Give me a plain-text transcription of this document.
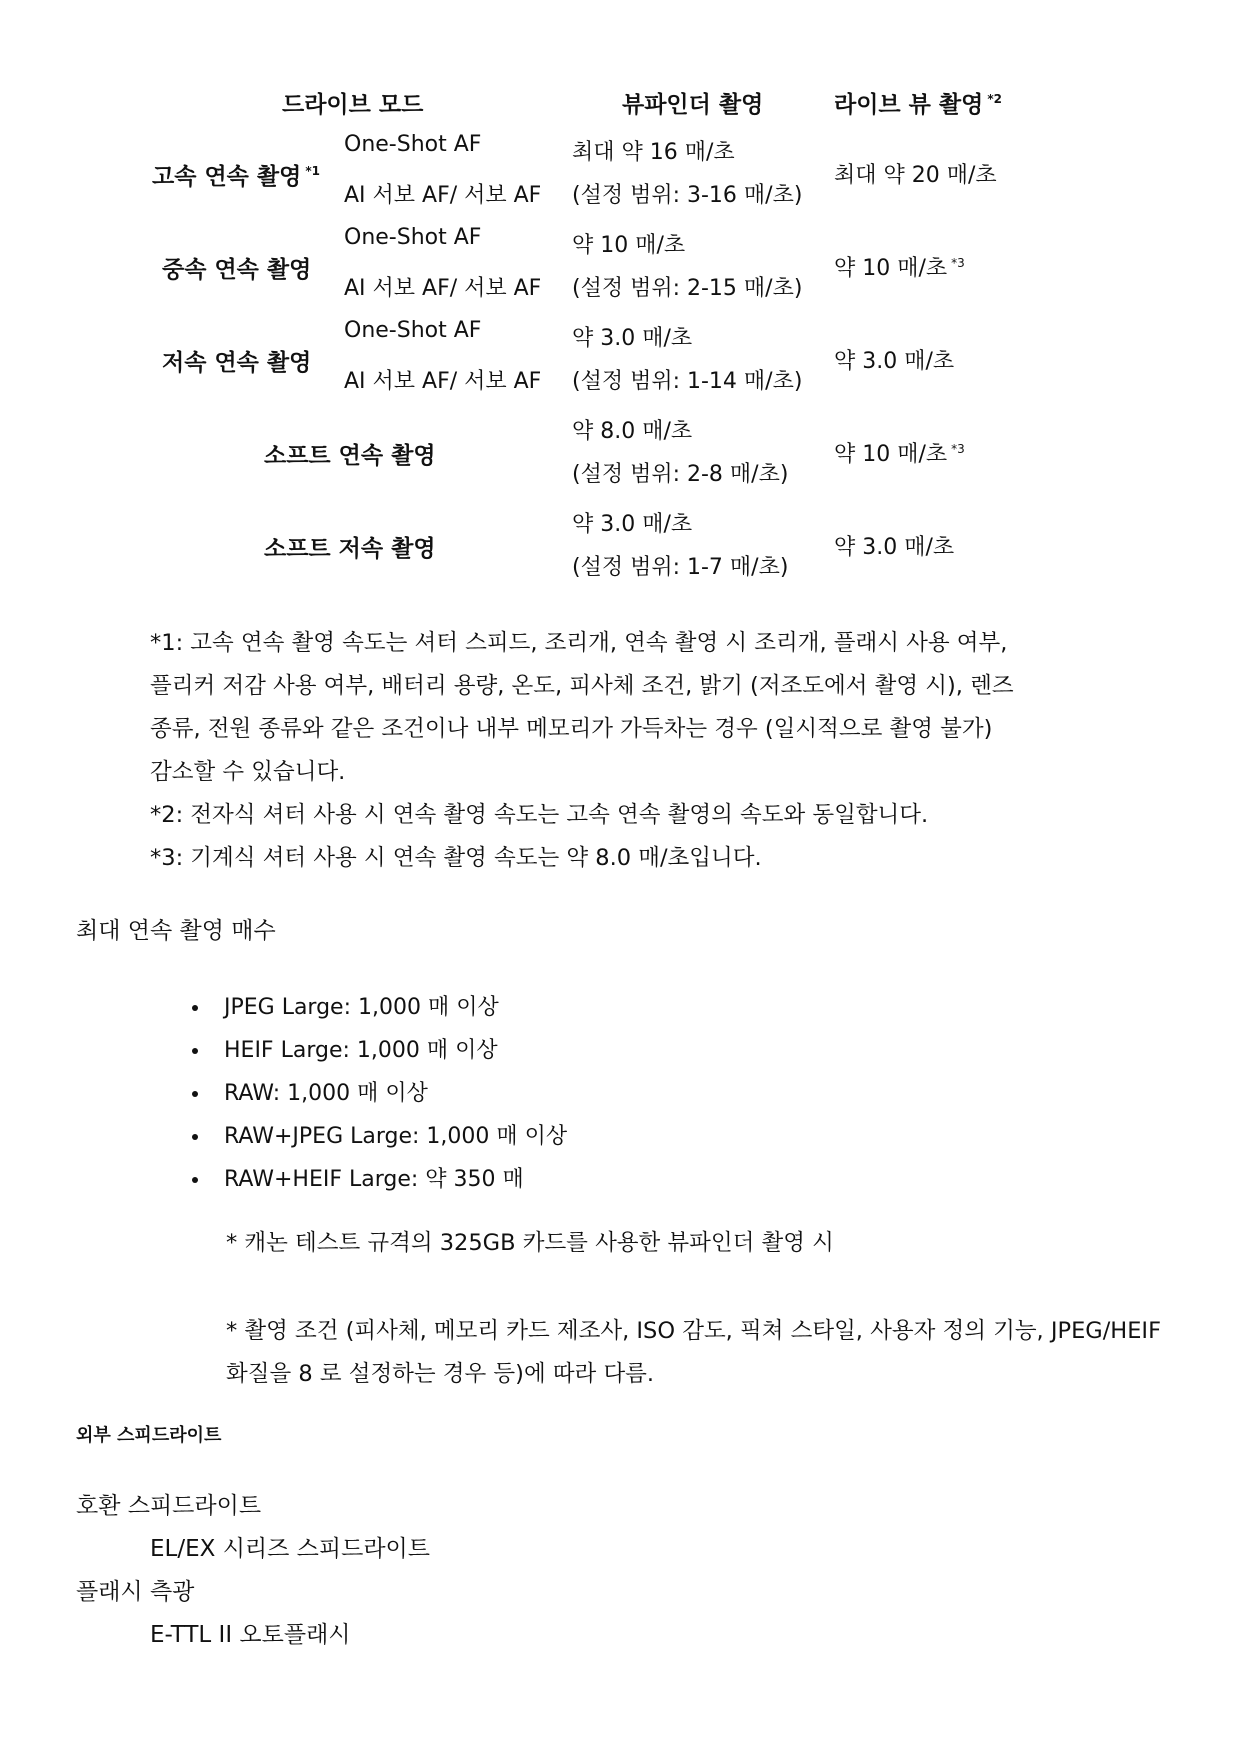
드라이브 모드	뷰파인더 촬영	라이브 뷰 촬영 $^{*2}$
고속 연속 촬영 $^{*1}$
One-Shot AF
AI 서보 AF/ 서보 AF
최대 약 16 매/초
(설정 범위: 3-16 매/초)
최대 약 20 매/초
중속 연속 촬영
One-Shot AF
AI 서보 AF/ 서보 AF
약 10 매/초
(설정 범위: 2-15 매/초)
약 10 매/초 $^{*3}$
저속 연속 촬영
One-Shot AF
AI 서보 AF/ 서보 AF
약 3.0 매/초
(설정 범위: 1-14 매/초)
약 3.0 매/초
소프트 연속 촬영
약 8.0 매/초
(설정 범위: 2-8 매/초)
약 10 매/초 $^{*3}$
소프트 저속 촬영
약 3.0 매/초
(설정 범위: 1-7 매/초)
약 3.0 매/초

*1: 고속 연속 촬영 속도는 셔터 스피드, 조리개, 연속 촬영 시 조리개, 플래시 사용 여부,

플리커 저감 사용 여부, 배터리 용량, 온도, 피사체 조건, 밝기 (저조도에서 촬영 시), 렌즈

종류, 전원 종류와 같은 조건이나 내부 메모리가 가득차는 경우 (일시적으로 촬영 불가)

감소할 수 있습니다.

*2: 전자식 셔터 사용 시 연속 촬영 속도는 고속 연속 촬영의 속도와 동일합니다.

*3: 기계식 셔터 사용 시 연속 촬영 속도는 약 8.0 매/초입니다.

최대 연속 촬영 매수
JPEG Large: 1,000 매 이상
HEIF Large: 1,000 매 이상
RAW: 1,000 매 이상
RAW+JPEG Large: 1,000 매 이상
RAW+HEIF Large: 약 350 매
* 캐논 테스트 규격의 325GB 카드를 사용한 뷰파인더 촬영 시
* 촬영 조건 (피사체, 메모리 카드 제조사, ISO 감도, 픽쳐 스타일, 사용자 정의 기능, JPEG/HEIF 화질을 8 로 설정하는 경우 등)에 따라 다름.
외부 스피드라이트
호환 스피드라이트
EL/EX 시리즈 스피드라이트
플래시 측광
E-TTL II 오토플래시
